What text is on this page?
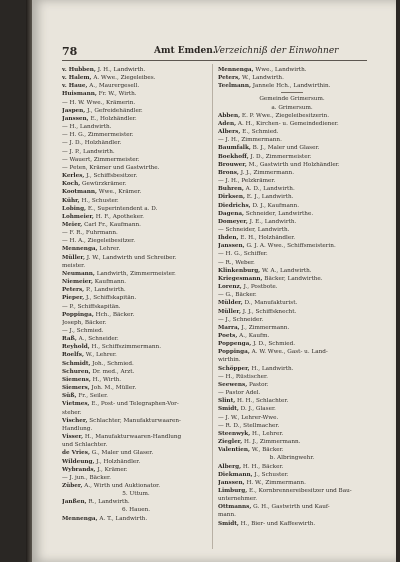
78	Amt Emden.
Verzeichniß der Einwohner
v. Hubben, J. H., Landwirth.
v. Halem, A. Wwe., Ziegeleibes.
v. Haue, A., Maurergesell.
Huismann, Fr. W., Wirth.
— H. W. Wwe., Krämerin.
Jaspen, J., Gefreidehändler.
Janssen, E., Holzhändler.
— H., Landwirth.
— H. G., Zimmermeister.
— J. D., Holzhändler.
— J. P., Landwirth.
— Wauert, Zimmermeister.
— Peten, Krämer und Gastwirthe.
Kerles, J., Schiffsbesitzer.
Koch, Gewürzkrämer.
Kootmann, Wwe., Krämer.
Kühr, H., Schuster.
Lobing, E., Superintendent a. D.
Lohmeier, H. F., Apotheker.
Meier, Carl Fr., Kaufmann.
— F. R., Fuhrmann.
— H. A., Ziegeleibesitzer.
Mennenga, Lehrer.
Müller, J. W., Landwirth und Schreiber.
meister.
Neumann, Landwirth, Zimmermeister.
Niemeier, Kaufmann.
Peters, P., Landwirth.
Pieper, J., Schiffskapitän.
— P., Schiffskapitän.
Poppinga, Hch., Bäcker.
Joseph, Bäcker.
— J., Schmied.
Raß, A., Schneider.
Reyhold, H., Schiffszimmermann.
Roelfs, W., Lehrer.
Schmidt, Joh., Schmied.
Schuren, Dr. med., Arzt.
Siemens, H., Wirth.
Siemers, Joh. M., Müller.
Süß, Fr., Seiler.
Vietmes, E., Post- und Telegraphen-Vor-
steher.
Vischer, Schlachter, Manufakturwaaren-
Handlung.
Visser, H., Manufakturwaaren-Handlung
und Schlachter.
de Vries, G., Maler und Glaser.
Wildeung, J., Holzhändler.
Wybrands, J., Krämer.
— J. jun., Bäcker.
Züber, A., Wirth und Auktionator.
5. Uttum.
Janßen, R., Landwirth.
6. Hauen.
Mennenga, A. T., Landwirth.
Mennenga, Wwe., Landwirth.
Peters, W., Landwirth.
Teelmann, Jannele Hch., Landwirthin.
Gemeinde Grimersum.
a. Grimersum.
Abben, E. P. Wwe., Ziegeleibesitzerin.
Aden, A. H., Kirchen- u. Gemeindediener.
Albers, E., Schmied.
— J. H., Zimmermann.
Baumfalk, B. J., Maler und Glaser.
Boekhoff, J. D., Zimmermeister.
Brouwer, M., Gastwirth und Holzhändler.
Brons, J. J., Zimmermann.
— J. H., Pelzkrämer.
Buhren, A. D., Landwirth.
Dirksen, E. J., Landwirth.
Diedrichs, D. J., Kaufmann.
Dagena, Schneider, Landwirthe.
Domeyer, J. E., Landwirth.
— Schneider, Landwirth.
Ihden, E. H., Holzhändler.
Janssen, G. J. A. Wwe., Schiffsmeisterin.
— H. G., Schiffer.
— R., Weber.
Klinkenburg, W. A., Landwirth.
Kriegesmann, Bäcker, Landwirthe.
Lorenz, J., Postbote.
— G., Bäcker.
Mülder, D., Manufakturist.
Müller, J. J., Schiffsknecht.
— J., Schneider.
Marra, J., Zimmermann.
Poets, A., Kaufm.
Poppenga, J. D., Schmied.
Poppinga, A. W. Wwe., Gast- u. Land-
wirthin.
Schöpper, H., Landwirth.
— H., Rüstischer.
Seewens, Pastor.
— Pastor Adel.
Slint, H. H., Schlachter.
Smidt, D. J., Glaser.
— J. W., Lehrer-Wwe.
— R. D., Stellmacher.
Steenwyk, H., Lehrer.
Ziegler, H. J., Zimmermann.
Valentien, W., Bäcker.
b. Albringwehr.
Alberg, H. H., Bäcker.
Diekmann, J., Schuster.
Janssen, H. W., Zimmermann.
Limburg, E., Kornbrennereibesitzer und Bau-
unternehmer.
Ottmanns, G. H., Gastwirth und Kauf-
mann.
Smidt, H., Bier- und Kaffeewirth.
